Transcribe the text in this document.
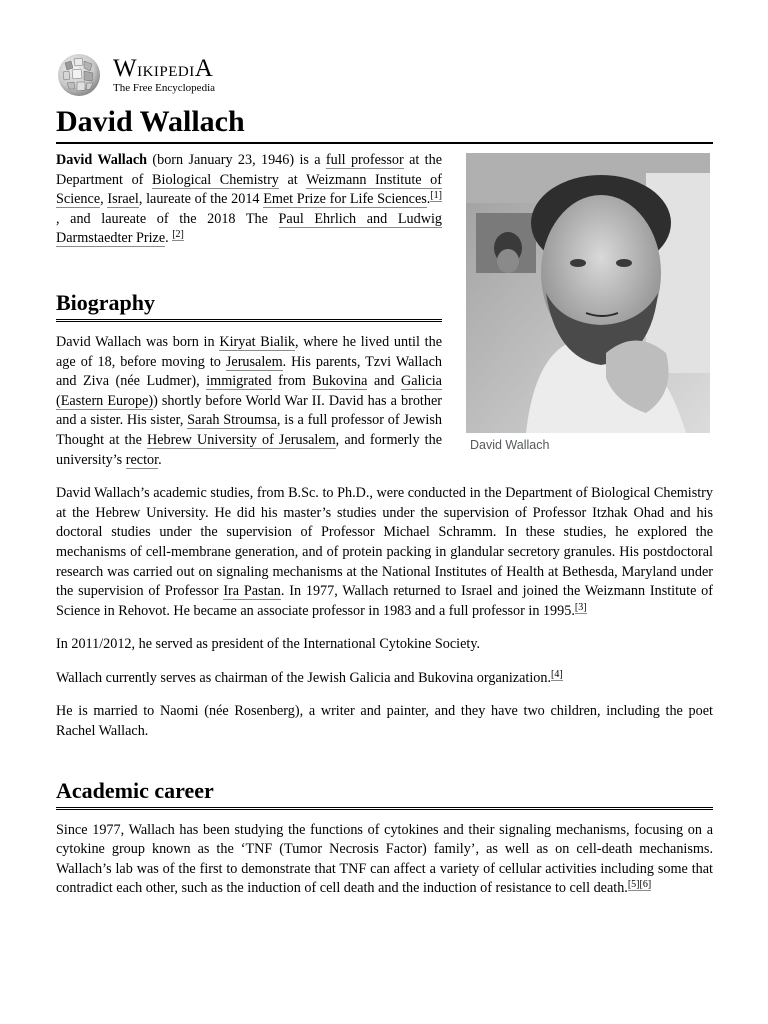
WikipediA
The Free Encyclopedia
David Wallach

David Wallach (born January 23, 1946) is a full professor at the Department of Biological Chemistry at Weizmann Institute of Science, Israel, laureate of the 2014 Emet Prize for Life Sciences.[1] , and laureate of the 2018 The Paul Ehrlich and Ludwig Darmstaedter Prize. [2]

Biography

David Wallach was born in Kiryat Bialik, where he lived until the age of 18, before moving to Jerusalem. His parents, Tzvi Wallach and Ziva (née Ludmer), immigrated from Bukovina and Galicia (Eastern Europe)) shortly before World War II. David has a brother and a sister. His sister, Sarah Stroumsa, is a full professor of Jewish Thought at the Hebrew University of Jerusalem, and formerly the university’s rector.

David Wallach’s academic studies, from B.Sc. to Ph.D., were conducted in the Department of Biological Chemistry at the Hebrew University. He did his master’s studies under the supervision of Professor Itzhak Ohad and his doctoral studies under the supervision of Professor Michael Schramm. In these studies, he explored the mechanisms of cell-membrane generation, and of protein packing in glandular secretory granules. His postdoctoral research was carried out on signaling mechanisms at the National Institutes of Health at Bethesda, Maryland under the supervision of Professor Ira Pastan. In 1977, Wallach returned to Israel and joined the Weizmann Institute of Science in Rehovot. He became an associate professor in 1983 and a full professor in 1995.[3]

In 2011/2012, he served as president of the International Cytokine Society.

Wallach currently serves as chairman of the Jewish Galicia and Bukovina organization.[4]

He is married to Naomi (née Rosenberg), a writer and painter, and they have two children, including the poet Rachel Wallach.

Academic career

Since 1977, Wallach has been studying the functions of cytokines and their signaling mechanisms, focusing on a cytokine group known as the ‘TNF (Tumor Necrosis Factor) family’, as well as on cell-death mechanisms. Wallach’s lab was of the first to demonstrate that TNF can affect a variety of cellular activities including some that contradict each other, such as the induction of cell death and the induction of resistance to cell death.[5][6]

David Wallach
